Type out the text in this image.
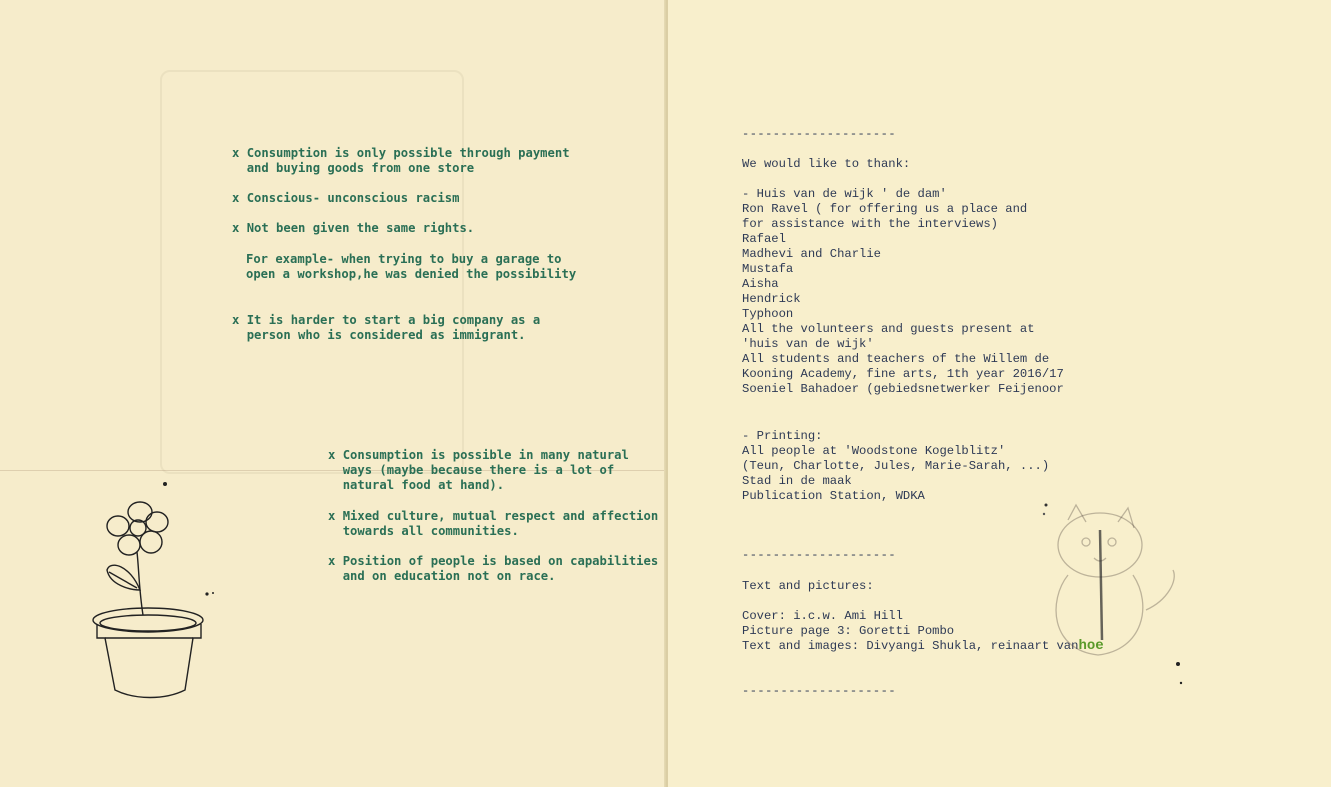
x Consumption is only possible through payment
and buying goods from one store
x Conscious- unconscious racism
x Not been given the same rights.
For example- when trying to buy a garage to
open a workshop,he was denied the possibility
x It is harder to start a big company as a
person who is considered as immigrant.
x Consumption is possible in many natural
ways (maybe because there is a lot of
natural food at hand).
x Mixed culture, mutual respect and affection
towards all communities.
x Position of people is based on capabilities
and on education not on race.
--------------------
We would like to thank:
- Huis van de wijk ' de dam'
Ron Ravel ( for offering us a place and
for assistance with the interviews)
Rafael
Madhevi and Charlie
Mustafa
Aisha
Hendrick
Typhoon
All the volunteers and guests present at
'huis van de wijk'
All students and teachers of the Willem de
Kooning Academy, fine arts, 1th year 2016/17
Soeniel Bahadoer (gebiedsnetwerker Feijenoor
- Printing:
All people at 'Woodstone Kogelblitz'
(Teun, Charlotte, Jules, Marie-Sarah, ...)
Stad in de maak
Publication Station, WDKA
--------------------
Text and pictures:
Cover: i.c.w. Ami Hill
Picture page 3: Goretti Pombo
Text and images: Divyangi Shukla, reinaart vanhoe
--------------------
